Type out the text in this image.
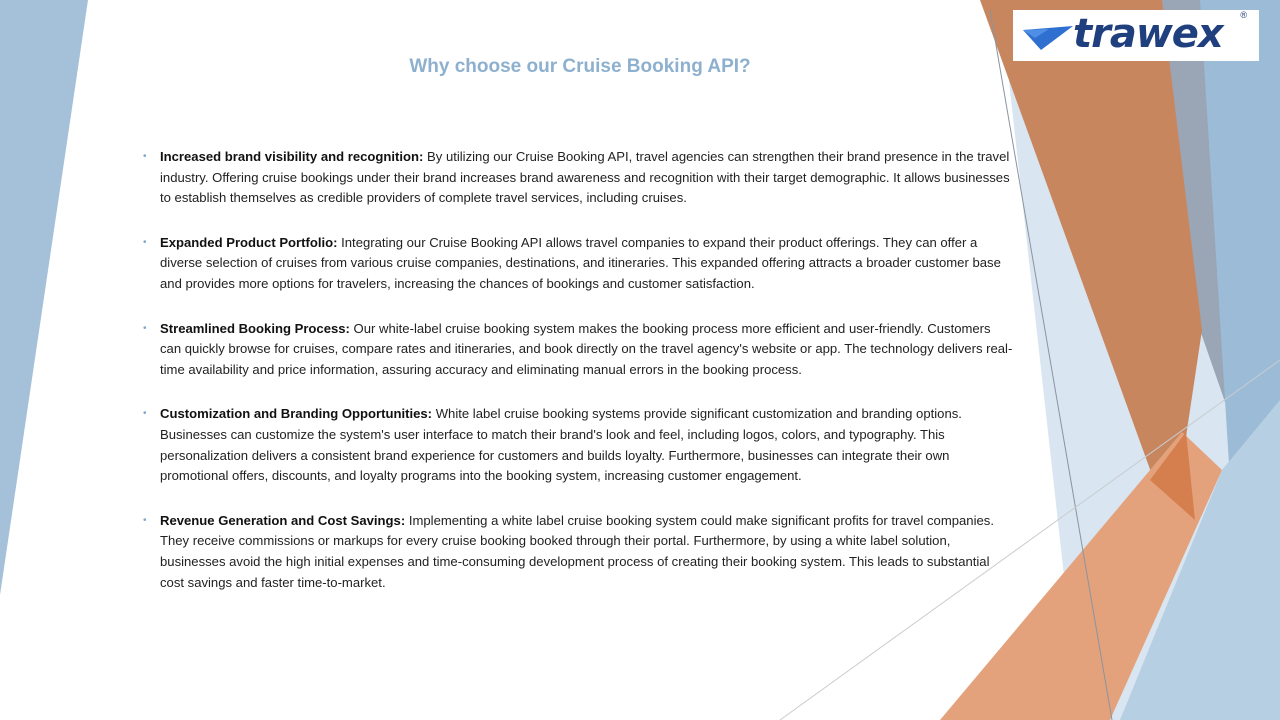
trawex ®
Why choose our Cruise Booking API?
• Increased brand visibility and recognition: By utilizing our Cruise Booking API, travel agencies can strengthen their brand presence in the travel industry. Offering cruise bookings under their brand increases brand awareness and recognition with their target demographic. It allows businesses to establish themselves as credible providers of complete travel services, including cruises.
• Expanded Product Portfolio: Integrating our Cruise Booking API allows travel companies to expand their product offerings. They can offer a diverse selection of cruises from various cruise companies, destinations, and itineraries. This expanded offering attracts a broader customer base and provides more options for travelers, increasing the chances of bookings and customer satisfaction.
• Streamlined Booking Process: Our white-label cruise booking system makes the booking process more efficient and user-friendly. Customers can quickly browse for cruises, compare rates and itineraries, and book directly on the travel agency's website or app. The technology delivers real-time availability and price information, assuring accuracy and eliminating manual errors in the booking process.
• Customization and Branding Opportunities: White label cruise booking systems provide significant customization and branding options. Businesses can customize the system's user interface to match their brand's look and feel, including logos, colors, and typography. This personalization delivers a consistent brand experience for customers and builds loyalty. Furthermore, businesses can integrate their own promotional offers, discounts, and loyalty programs into the booking system, increasing customer engagement.
• Revenue Generation and Cost Savings: Implementing a white label cruise booking system could make significant profits for travel companies. They receive commissions or markups for every cruise booking booked through their portal. Furthermore, by using a white label solution, businesses avoid the high initial expenses and time-consuming development process of creating their booking system. This leads to substantial cost savings and faster time-to-market.
